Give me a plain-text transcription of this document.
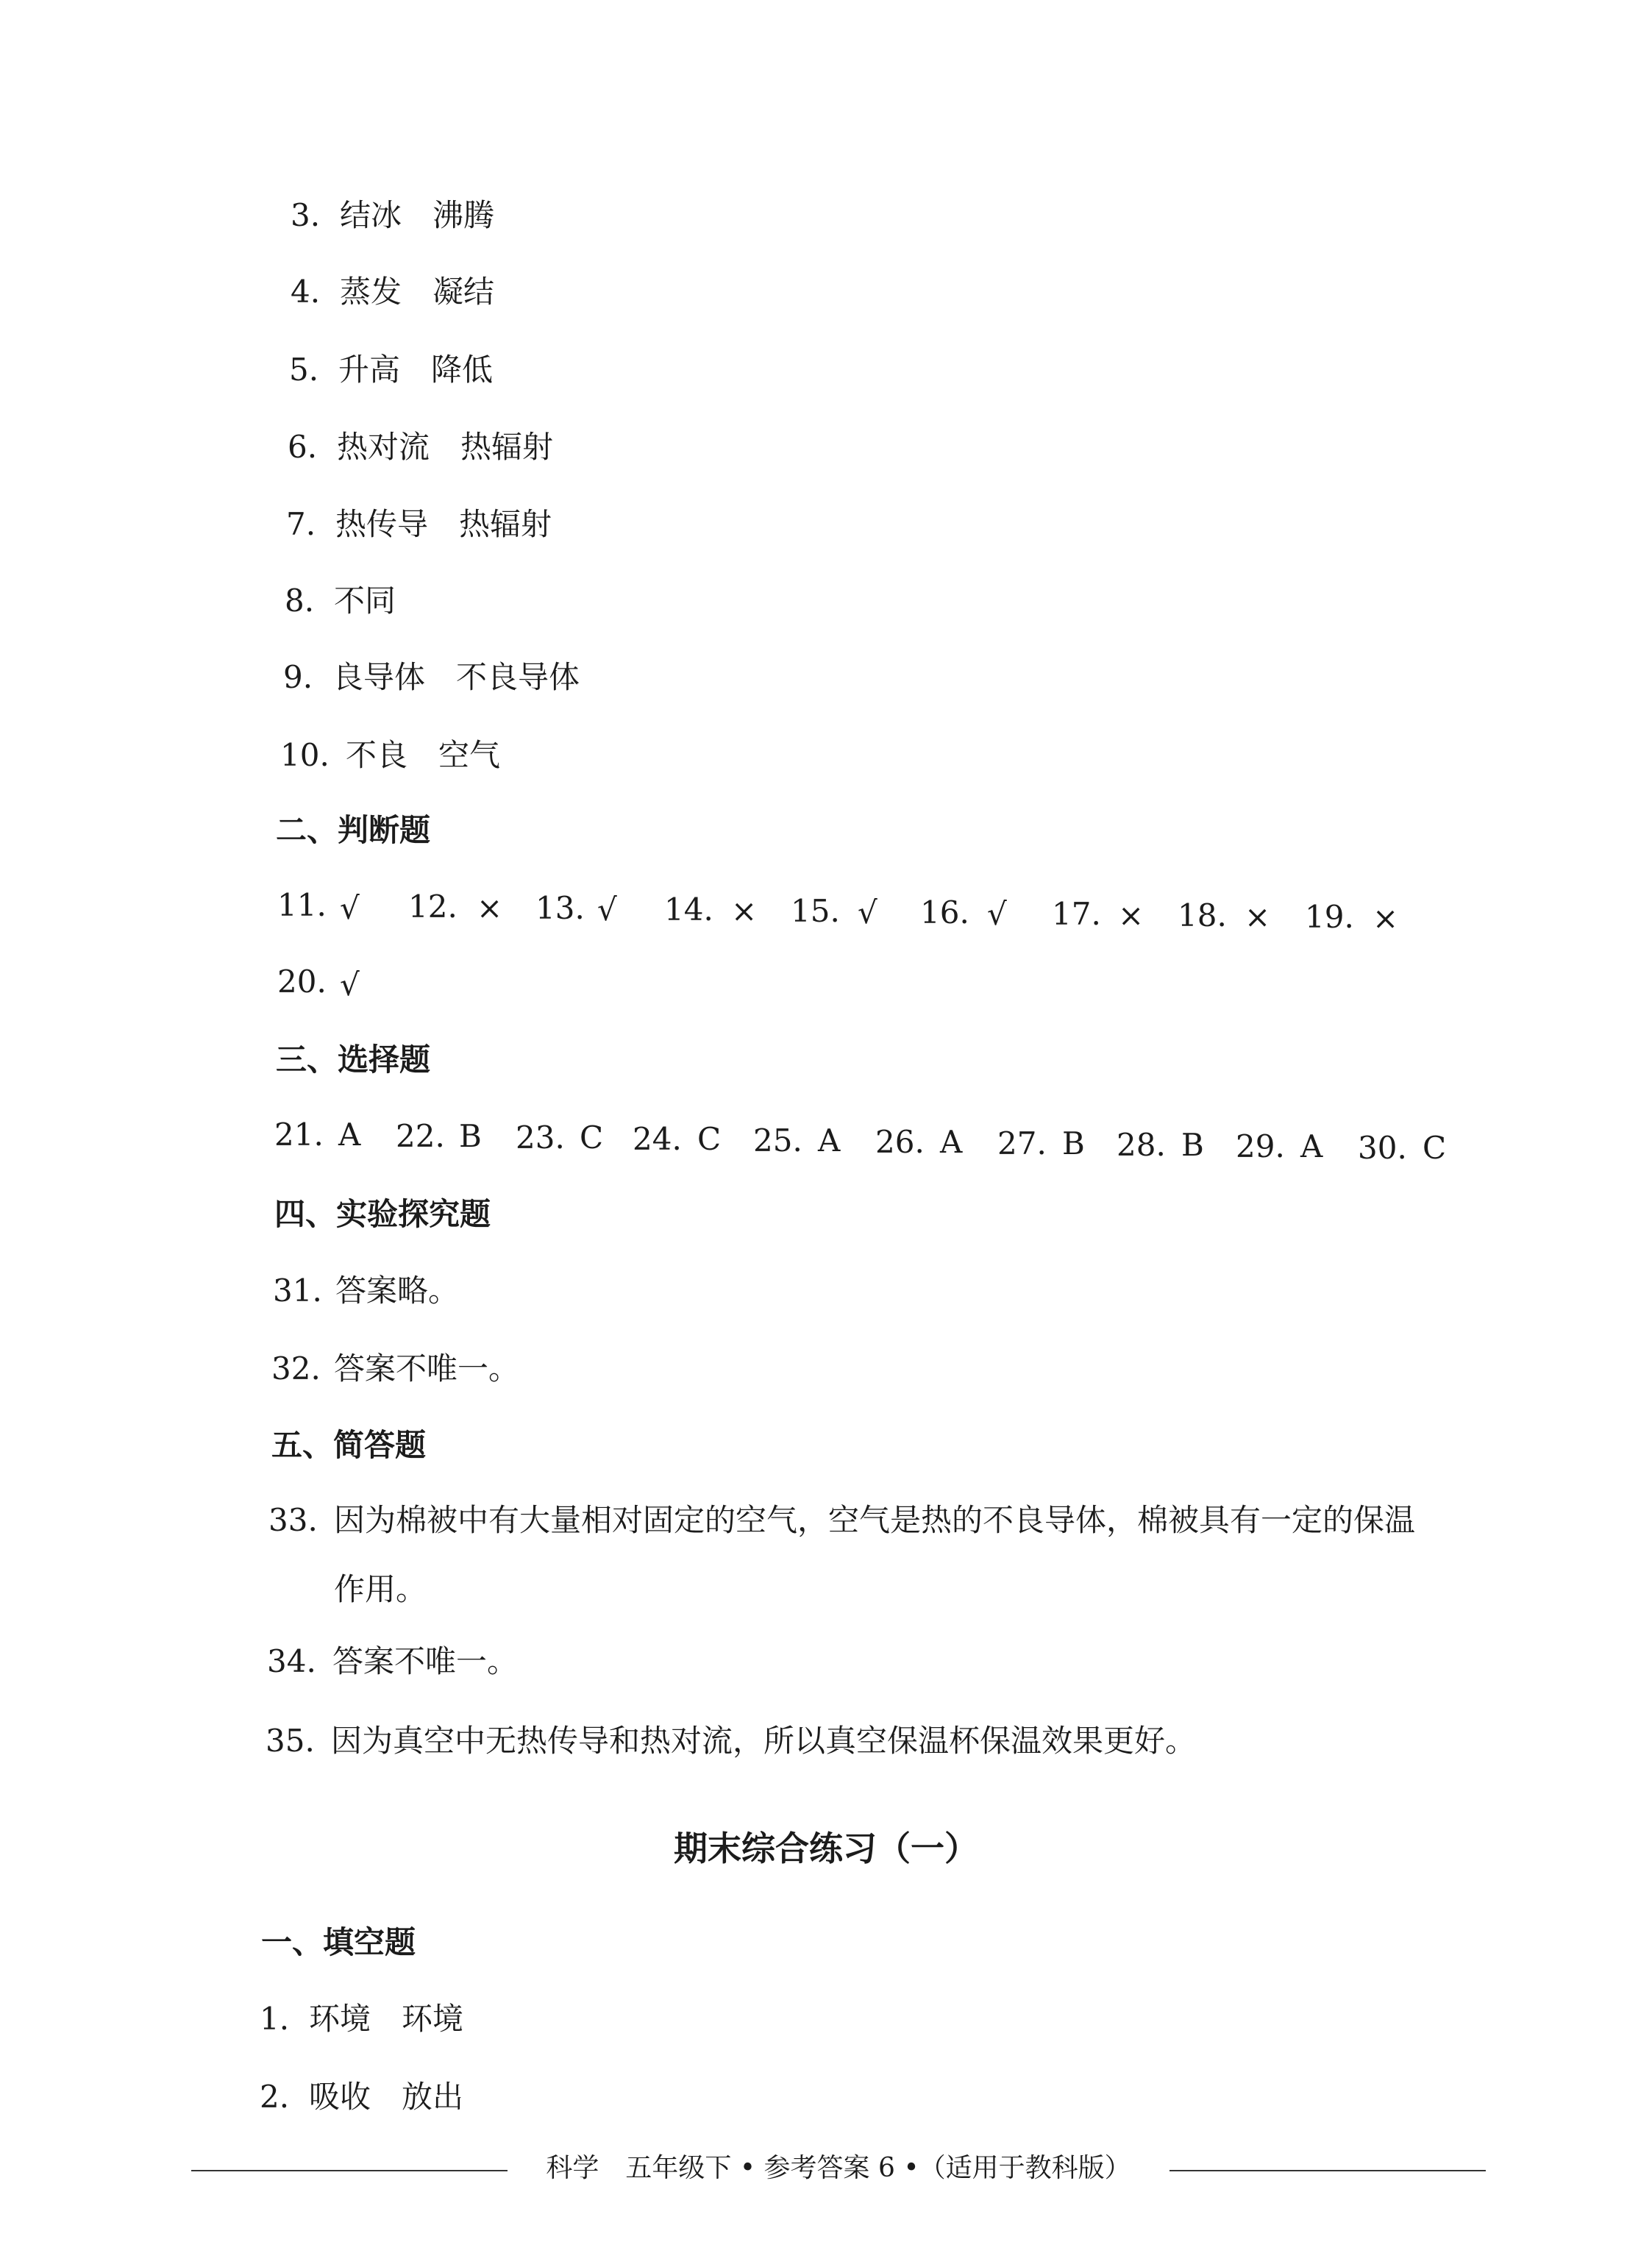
3. 结冰　沸腾
4. 蒸发　凝结
5. 升高　降低
6. 热对流　热辐射
7. 热传导　热辐射
8. 不同
9. 良导体　不良导体
10. 不良　空气
二、判断题
11. √ 12. × 13. √ 14. × 15. √ 16. √ 17. × 18. × 19. ×
20. √
三、选择题
21. A 22. B 23. C 24. C 25. A 26. A 27. B 28. B 29. A 30. C
四、实验探究题
31. 答案略。
32. 答案不唯一。
五、简答题
33. 因为棉被中有大量相对固定的空气，空气是热的不良导体，棉被具有一定的保温
作用。
34. 答案不唯一。
35. 因为真空中无热传导和热对流，所以真空保温杯保温效果更好。
期末综合练习（一）
一、填空题
1. 环境　环境
2. 吸收　放出
科学　五年级下 • 参考答案 6 •（适用于教科版）
